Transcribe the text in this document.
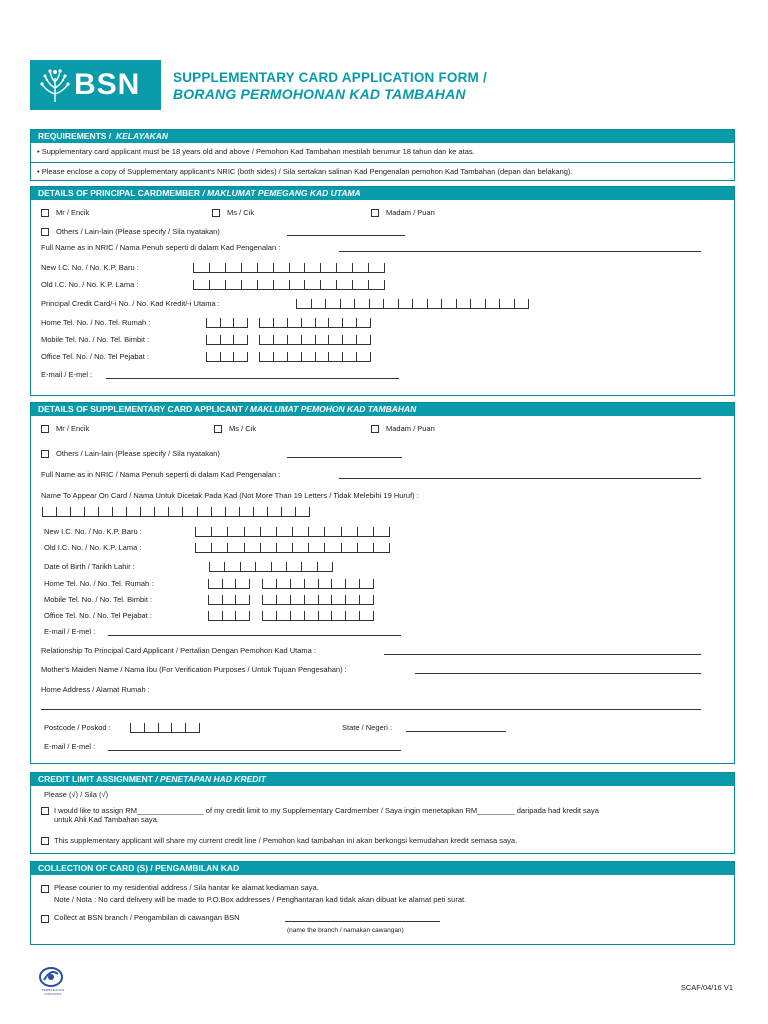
BSN SUPPLEMENTARY CARD APPLICATION FORM /
BORANG PERMOHONAN KAD TAMBAHAN
REQUIREMENTS / KELAYAKAN
• Supplementary card applicant must be 18 years old and above / Pemohon Kad Tambahan mestilah berumur 18 tahun dan ke atas.
• Please enclose a copy of Supplementary applicant's NRIC (both sides) / Sila sertakan salinan Kad Pengenalan pemohon Kad Tambahan (depan dan belakang).
DETAILS OF PRINCIPAL CARDMEMBER / MAKLUMAT PEMEGANG KAD UTAMA
Mr / Encik	Ms / Cik	Madam / Puan
Others / Lain-lain (Please specify / Sila nyatakan)
Full Name as in NRIC / Nama Penuh seperti di dalam Kad Pengenalan :
New I.C. No. / No. K.P. Baru :
Old I.C. No. / No. K.P. Lama :
Principal Credit Card/-i No. / No. Kad Kredit/-i Utama :
Home Tel. No. / No. Tel. Rumah :
Mobile Tel. No. / No. Tel. Bimbit :
Office Tel. No. / No. Tel Pejabat :
E-mail / E-mel :
DETAILS OF SUPPLEMENTARY CARD APPLICANT / MAKLUMAT PEMOHON KAD TAMBAHAN
Mr / Encik	Ms / Cik	Madam / Puan
Others / Lain-lain (Please specify / Sila nyatakan)
Full Name as in NRIC / Nama Penuh seperti di dalam Kad Pengenalan :
Name To Appear On Card / Nama Untuk Dicetak Pada Kad (Not More Than 19 Letters / Tidak Melebihi 19 Huruf) :
New I.C. No. / No. K.P. Baru :
Old I.C. No. / No. K.P. Lama :
Date of Birth / Tarikh Lahir :
Home Tel. No. / No. Tel. Rumah :
Mobile Tel. No. / No. Tel. Bimbit :
Office Tel. No. / No. Tel Pejabat :
E-mail / E-mel :
Relationship To Principal Card Applicant / Pertalian Dengan Pemohon Kad Utama :
Mother's Maiden Name / Nama Ibu (For Verification Purposes / Untuk Tujuan Pengesahan) :
Home Address / Alamat Rumah :
Postcode / Poskod :	State / Negeri :
E-mail / E-mel :
CREDIT LIMIT ASSIGNMENT / PENETAPAN HAD KREDIT
Please (√) / Sila (√)
I would like to assign RM________________ of my credit limit to my Supplementary Cardmember / Saya ingin menetapkan RM_________ daripada had kredit saya
untuk Ahli Kad Tambahan saya.
This supplementary applicant will share my current credit line / Pemohon kad tambahan ini akan berkongsi kemudahan kredit semasa saya.
COLLECTION OF CARD (S) / PENGAMBILAN KAD
Please courier to my residential address / Sila hantar ke alamat kediaman saya.
Note / Nota : No card delivery will be made to P.O.Box addresses / Penghantaran kad tidak akan dibuat ke alamat peti surat.
Collect at BSN branch / Pengambilan di cawangan BSN
(name the branch / namakan cawangan)
PERBADANAN INSURANS
SCAF/04/16 V1
